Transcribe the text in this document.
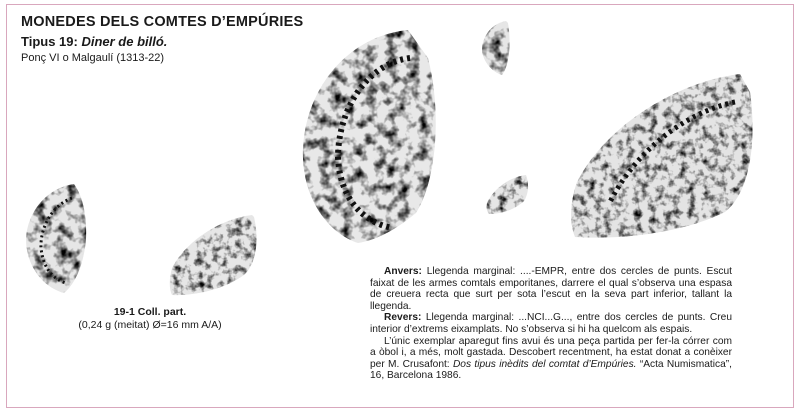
MONEDES DELS COMTES D’EMPÚRIES
Tipus 19: Diner de billó.
Ponç VI o Malgaulí (1313-22)
19-1 Coll. part.
(0,24 g (meitat) Ø=16 mm A/A)

Anvers: Llegenda marginal: ....-EMPR, entre dos cercles de punts. Escut faixat de les armes comtals emporitanes, darrere el qual s’observa una espasa de creuera recta que surt per sota l’escut en la seva part inferior, tallant la llegenda.

Revers: Llegenda marginal: ...NCI...G..., entre dos cercles de punts. Creu interior d’extrems eixamplats. No s’observa si hi ha quelcom als espais.

L’únic exemplar aparegut fins avui és una peça partida per fer-la córrer com a òbol i, a més, molt gastada. Descobert recentment, ha estat donat a conèixer per M. Crusafont: Dos tipus inèdits del comtat d’Empúries. “Acta Numismatica”, 16, Barcelona 1986.
